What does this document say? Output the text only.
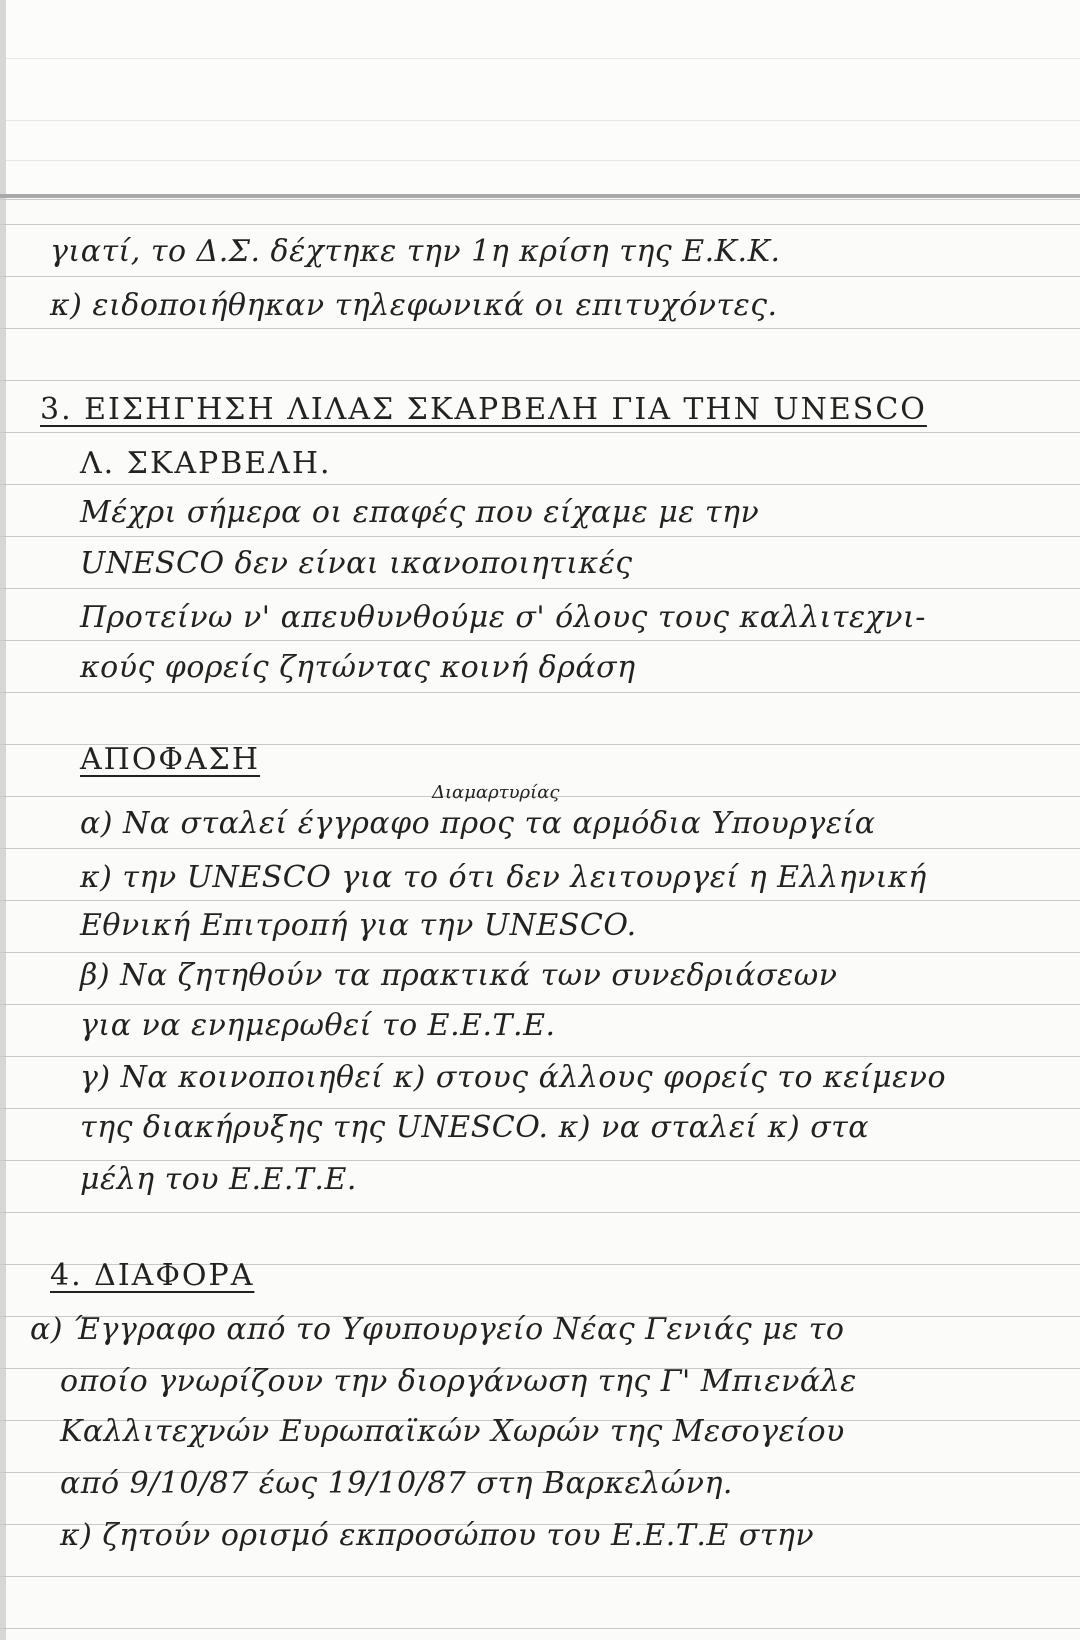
γιατί, το Δ.Σ. δέχτηκε την 1η κρίση της Ε.Κ.Κ.
κ) ειδοποιήθηκαν τηλεφωνικά οι επιτυχόντες.
3. ΕΙΣΗΓΗΣΗ ΛΙΛΑΣ ΣΚΑΡΒΕΛΗ ΓΙΑ ΤΗΝ UNESCO
Λ. ΣΚΑΡΒΕΛΗ.
Μέχρι σήμερα οι επαφές που είχαμε με την
UNESCO δεν είναι ικανοποιητικές
Προτείνω ν' απευθυνθούμε σ' όλους τους καλλιτεχνι-
κούς φορείς ζητώντας κοινή δράση
ΑΠΟΦΑΣΗ
Διαμαρτυρίας
α) Να σταλεί έγγραφο προς τα αρμόδια Υπουργεία
κ) την UNESCO για το ότι δεν λειτουργεί η Ελληνική
Εθνική Επιτροπή για την UNESCO.
β) Να ζητηθούν τα πρακτικά των συνεδριάσεων
για να ενημερωθεί το Ε.Ε.Τ.Ε.
γ) Να κοινοποιηθεί κ) στους άλλους φορείς το κείμενο
της διακήρυξης της UNESCO. κ) να σταλεί κ) στα
μέλη του Ε.Ε.Τ.Ε.
4. ΔΙΑΦΟΡΑ
α) Έγγραφο από το Υφυπουργείο Νέας Γενιάς με το
οποίο γνωρίζουν την διοργάνωση της Γ' Μπιενάλε
Καλλιτεχνών Ευρωπαϊκών Χωρών της Μεσογείου
από 9/10/87 έως 19/10/87 στη Βαρκελώνη.
κ) ζητούν ορισμό εκπροσώπου του Ε.Ε.Τ.Ε στην
